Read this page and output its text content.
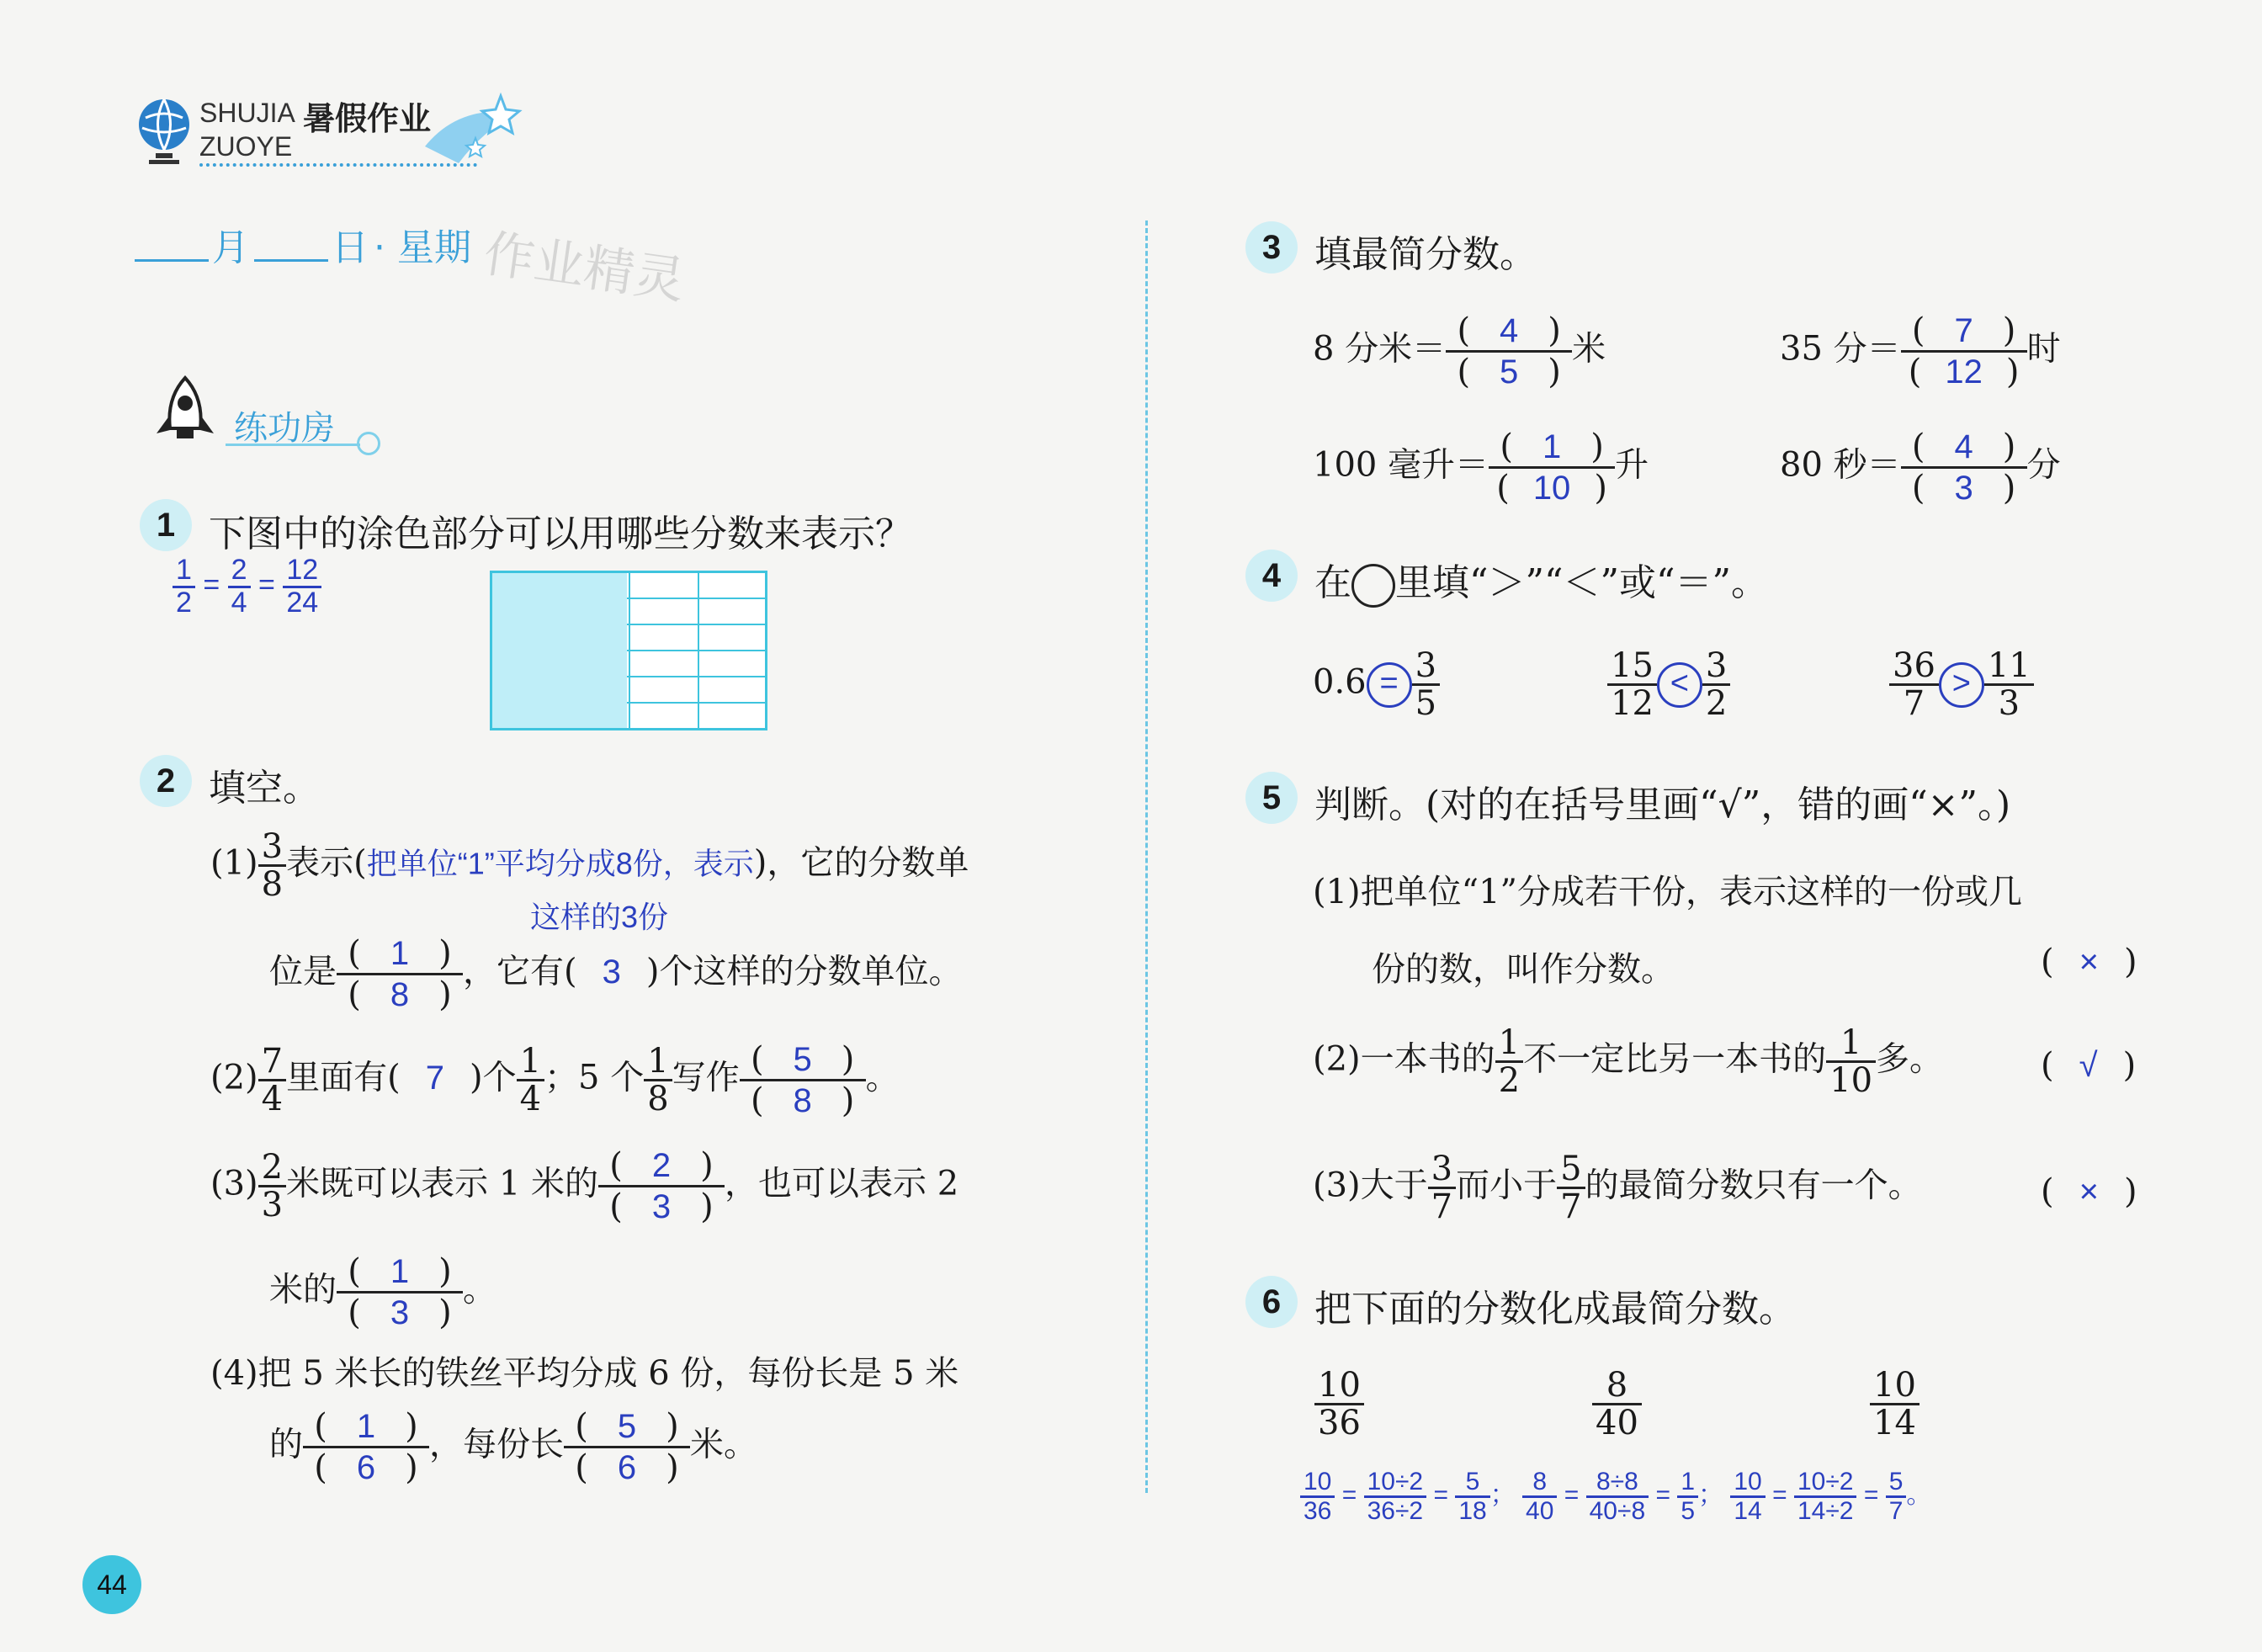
SHUJIA 暑假作业
ZUOYE
月 日 · 星期 作业精灵
练功房
1 下图中的涂色部分可以用哪些分数来表示？
$\frac{1}{2} = \frac{2}{4} = \frac{12}{24}$
2 填空。
$(1) \frac{3}{8}$ 表示(把单位“1”平均分成8份，表示)，它的分数单
这样的3份
位是 $\frac{( 1 )}{( 8 )}$ ，它有( 3 )个这样的分数单位。
$(2) \frac{7}{4}$ 里面有( 7 )个 $\frac{1}{4}$ ；5 个 $\frac{1}{8}$ 写作 $\frac{( 5 )}{( 8 )}$ 。
$(3) \frac{2}{3}$ 米既可以表示 1 米的 $\frac{( 2 )}{( 3 )}$ ，也可以表示 2
米的 $\frac{( 1 )}{( 3 )}$ 。
(4)把 5 米长的铁丝平均分成 6 份，每份长是 5 米
的 $\frac{( 1 )}{( 6 )}$ ，每份长 $\frac{( 5 )}{( 6 )}$ 米。
44
3 填最简分数。
8 分米＝ $\frac{( 4 )}{( 5 )}$ 米	35 分＝ $\frac{( 7 )}{( 12 )}$ 时
100 毫升＝ $\frac{( 1 )}{( 10 )}$ 升	80 秒＝ $\frac{( 4 )}{( 3 )}$ 分
4 在 里填“＞”“＜”或“＝”。
$0.6 = \frac{3}{5}$	$\frac{15}{12} < \frac{3}{2}$	$\frac{36}{7} > \frac{11}{3}$
5 判断。(对的在括号里画“√”，错的画“×”。)
(1)把单位“1”分成若干份，表示这样的一份或几
份的数，叫作分数。	( × )
(2)一本书的 $\frac{1}{2}$ 不一定比另一本书的 $\frac{1}{10}$ 多。	( √ )
(3)大于 $\frac{3}{7}$ 而小于 $\frac{5}{7}$ 的最简分数只有一个。	( × )
6 把下面的分数化成最简分数。
$\frac{10}{36}$	$\frac{8}{40}$	$\frac{10}{14}$
$\frac{10}{36} = \frac{10\div 2}{36\div 2} = \frac{5}{18}$ ； $\frac{8}{40} = \frac{8\div 8}{40\div 8} = \frac{1}{5}$ ； $\frac{10}{14} = \frac{10\div 2}{14\div 2} = \frac{5}{7}$ 。
